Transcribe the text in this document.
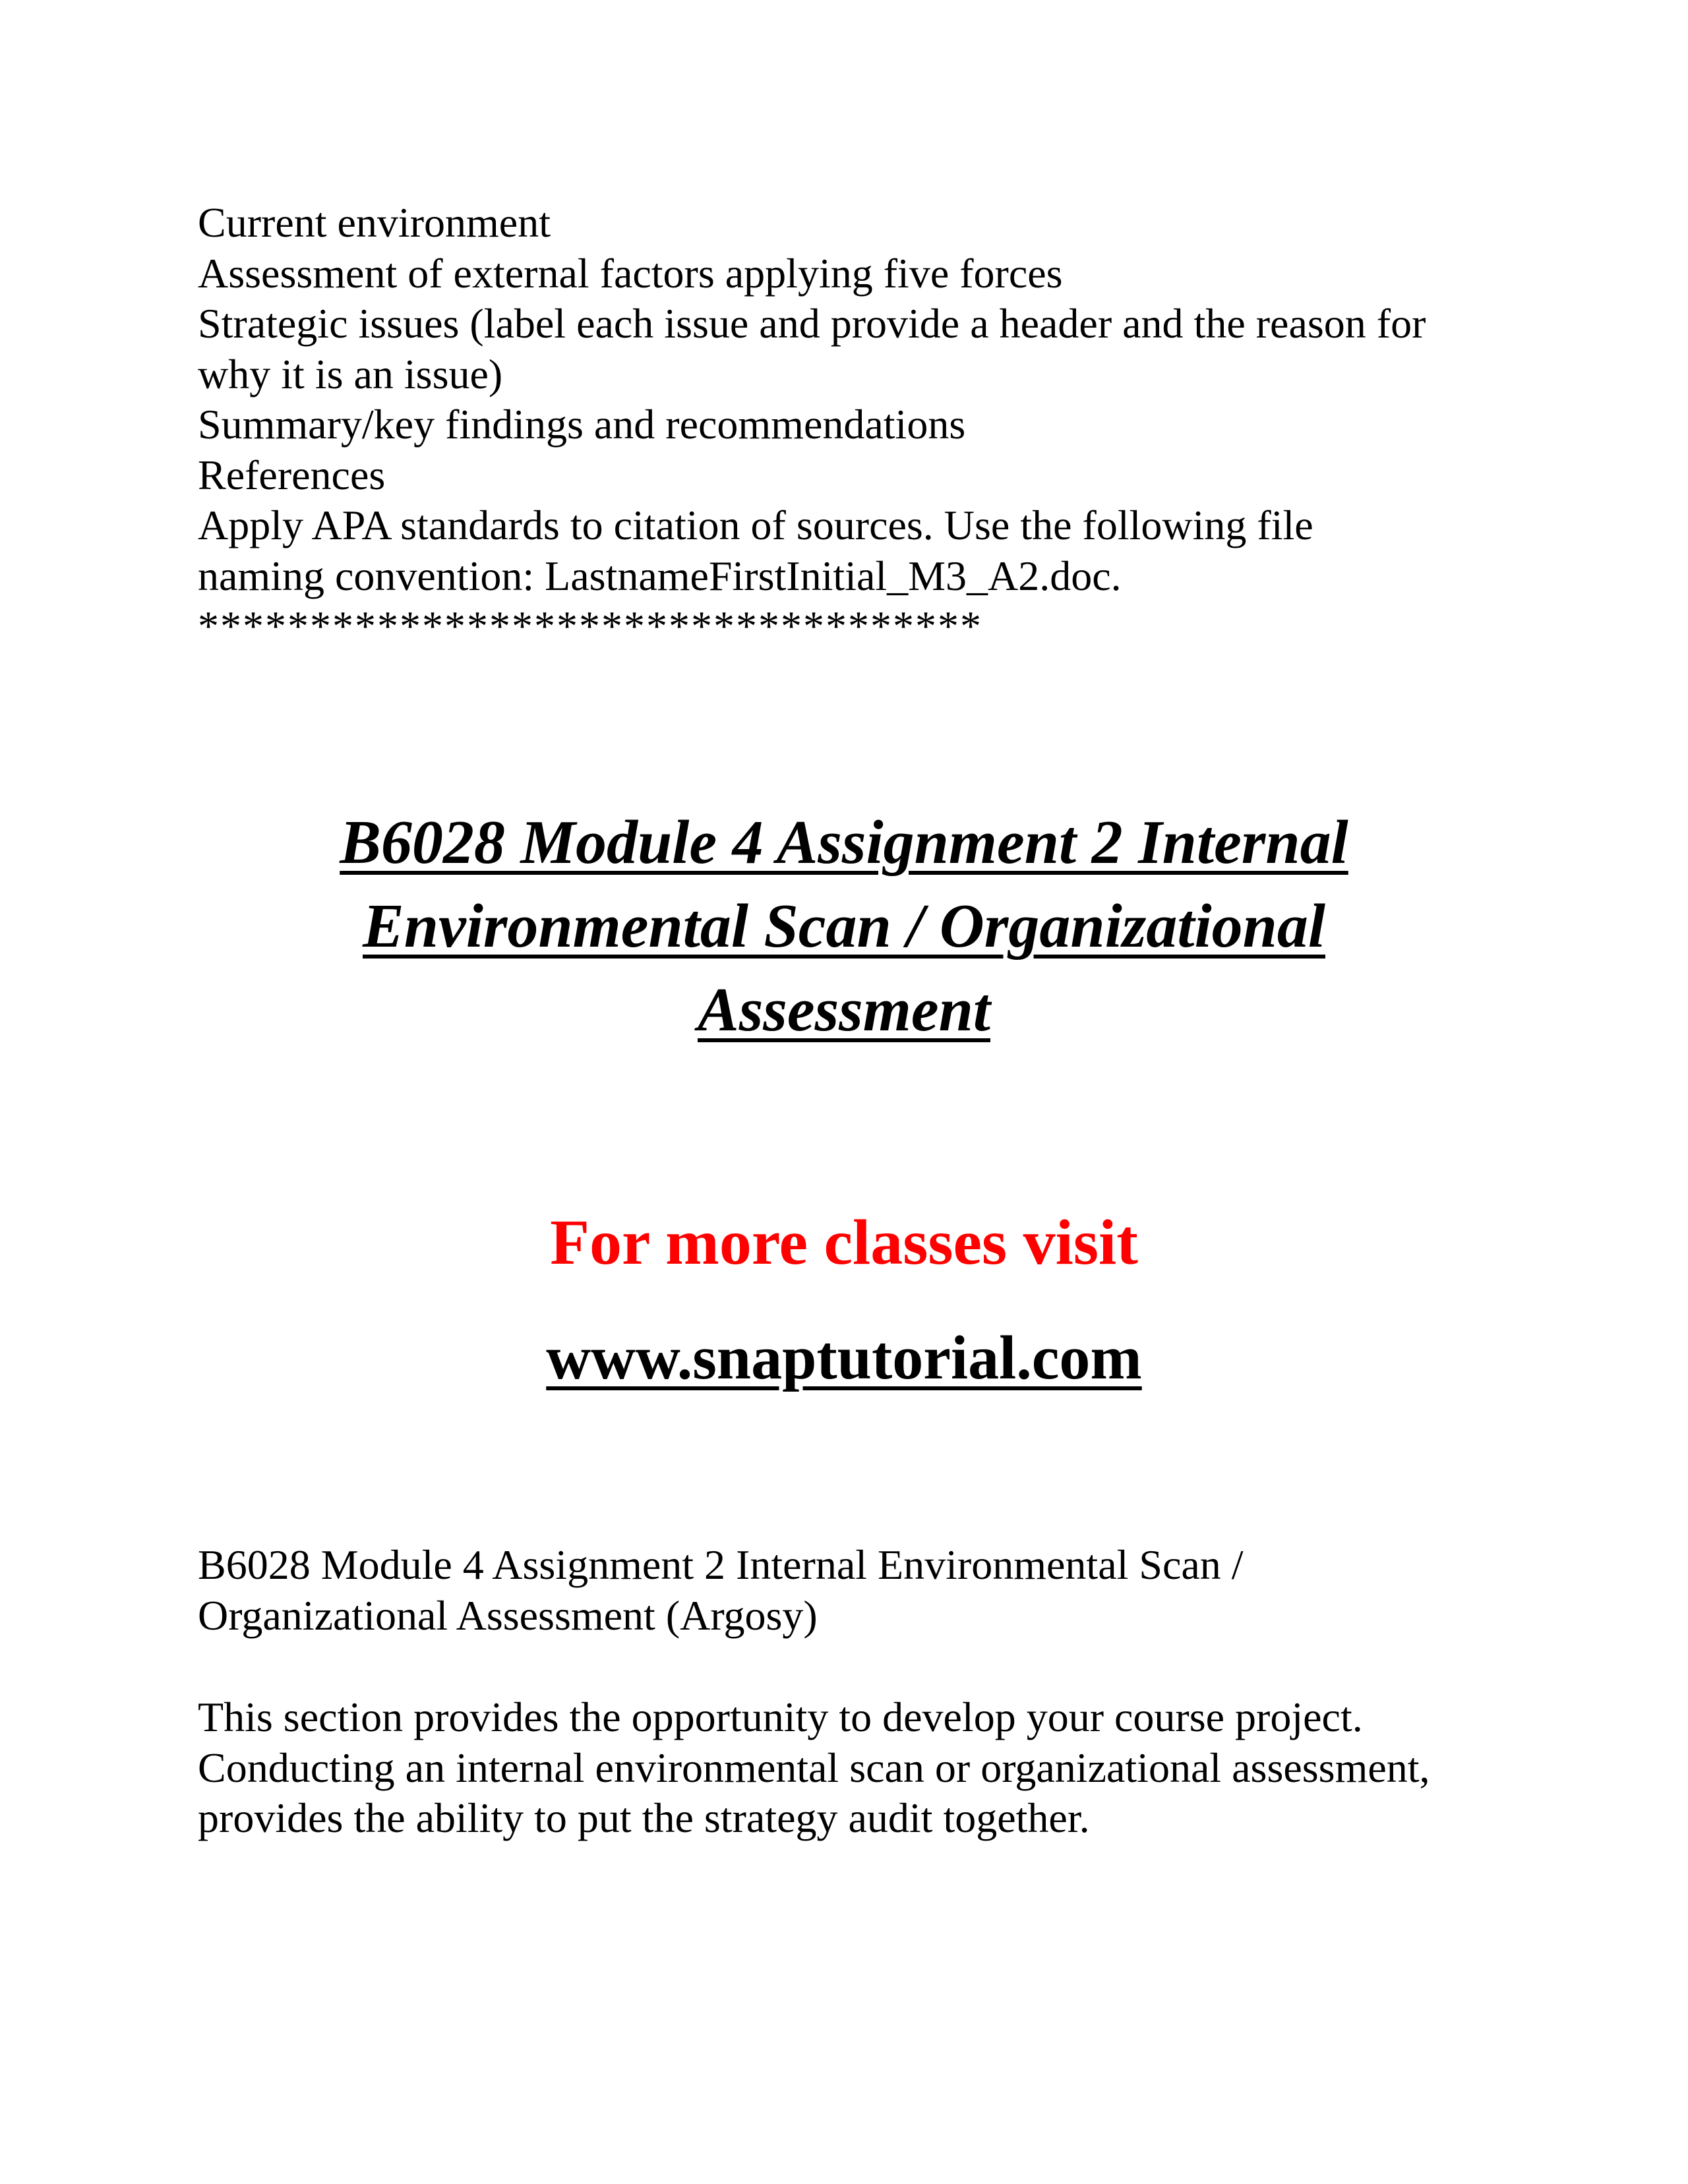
Current environment
Assessment of external factors applying five forces
Strategic issues (label each issue and provide a header and the reason for
why it is an issue)
Summary/key findings and recommendations
References
Apply APA standards to citation of sources. Use the following file
naming convention: LastnameFirstInitial_M3_A2.doc.
***********************************
B6028 Module 4 Assignment 2 Internal
Environmental Scan / Organizational
Assessment
For more classes visit
www.snaptutorial.com
B6028 Module 4 Assignment 2 Internal Environmental Scan /
Organizational Assessment (Argosy)
This section provides the opportunity to develop your course project.
Conducting an internal environmental scan or organizational assessment,
provides the ability to put the strategy audit together.
